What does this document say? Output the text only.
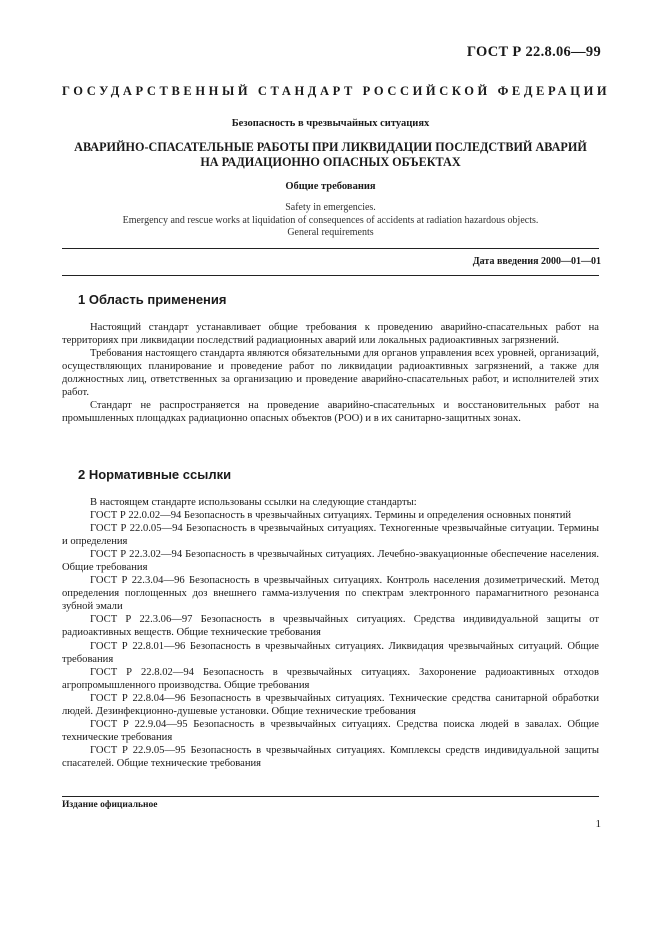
ГОСТ Р 22.8.06—99
ГОСУДАРСТВЕННЫЙ СТАНДАРТ РОССИЙСКОЙ ФЕДЕРАЦИИ
Безопасность в чрезвычайных ситуациях
АВАРИЙНО-СПАСАТЕЛЬНЫЕ РАБОТЫ ПРИ ЛИКВИДАЦИИ ПОСЛЕДСТВИЙ АВАРИЙ
НА РАДИАЦИОННО ОПАСНЫХ ОБЪЕКТАХ
Общие требования
Safety in emergencies.
Emergency and rescue works at liquidation of consequences of accidents at radiation hazardous objects.
General requirements
Дата введения 2000—01—01
1 Область применения

Настоящий стандарт устанавливает общие требования к проведению аварийно-спасательных работ на территориях при ликвидации последствий радиационных аварий или локальных радиоактивных загрязнений.

Требования настоящего стандарта являются обязательными для органов управления всех уровней, организаций, осуществляющих планирование и проведение работ по ликвидации радиоактивных загрязнений, а также для должностных лиц, ответственных за организацию и проведение аварийно-спасательных работ, и исполнителей этих работ.

Стандарт не распространяется на проведение аварийно-спасательных и восстановительных работ на промышленных площадках радиационно опасных объектов (РОО) и в их санитарно-защитных зонах.

2 Нормативные ссылки

В настоящем стандарте использованы ссылки на следующие стандарты:

ГОСТ Р 22.0.02—94 Безопасность в чрезвычайных ситуациях. Термины и определения основных понятий

ГОСТ Р 22.0.05—94 Безопасность в чрезвычайных ситуациях. Техногенные чрезвычайные ситуации. Термины и определения

ГОСТ Р 22.3.02—94 Безопасность в чрезвычайных ситуациях. Лечебно-эвакуационные обеспечение населения. Общие требования

ГОСТ Р 22.3.04—96 Безопасность в чрезвычайных ситуациях. Контроль населения дозиметрический. Метод определения поглощенных доз внешнего гамма-излучения по спектрам электронного парамагнитного резонанса зубной эмали

ГОСТ Р 22.3.06—97 Безопасность в чрезвычайных ситуациях. Средства индивидуальной защиты от радиоактивных веществ. Общие технические требования

ГОСТ Р 22.8.01—96 Безопасность в чрезвычайных ситуациях. Ликвидация чрезвычайных ситуаций. Общие требования

ГОСТ Р 22.8.02—94 Безопасность в чрезвычайных ситуациях. Захоронение радиоактивных отходов агропромышленного производства. Общие требования

ГОСТ Р 22.8.04—96 Безопасность в чрезвычайных ситуациях. Технические средства санитарной обработки людей. Дезинфекционно-душевые установки. Общие технические требования

ГОСТ Р 22.9.04—95 Безопасность в чрезвычайных ситуациях. Средства поиска людей в завалах. Общие технические требования

ГОСТ Р 22.9.05—95 Безопасность в чрезвычайных ситуациях. Комплексы средств индивидуальной защиты спасателей. Общие технические требования

Издание официальное
1
